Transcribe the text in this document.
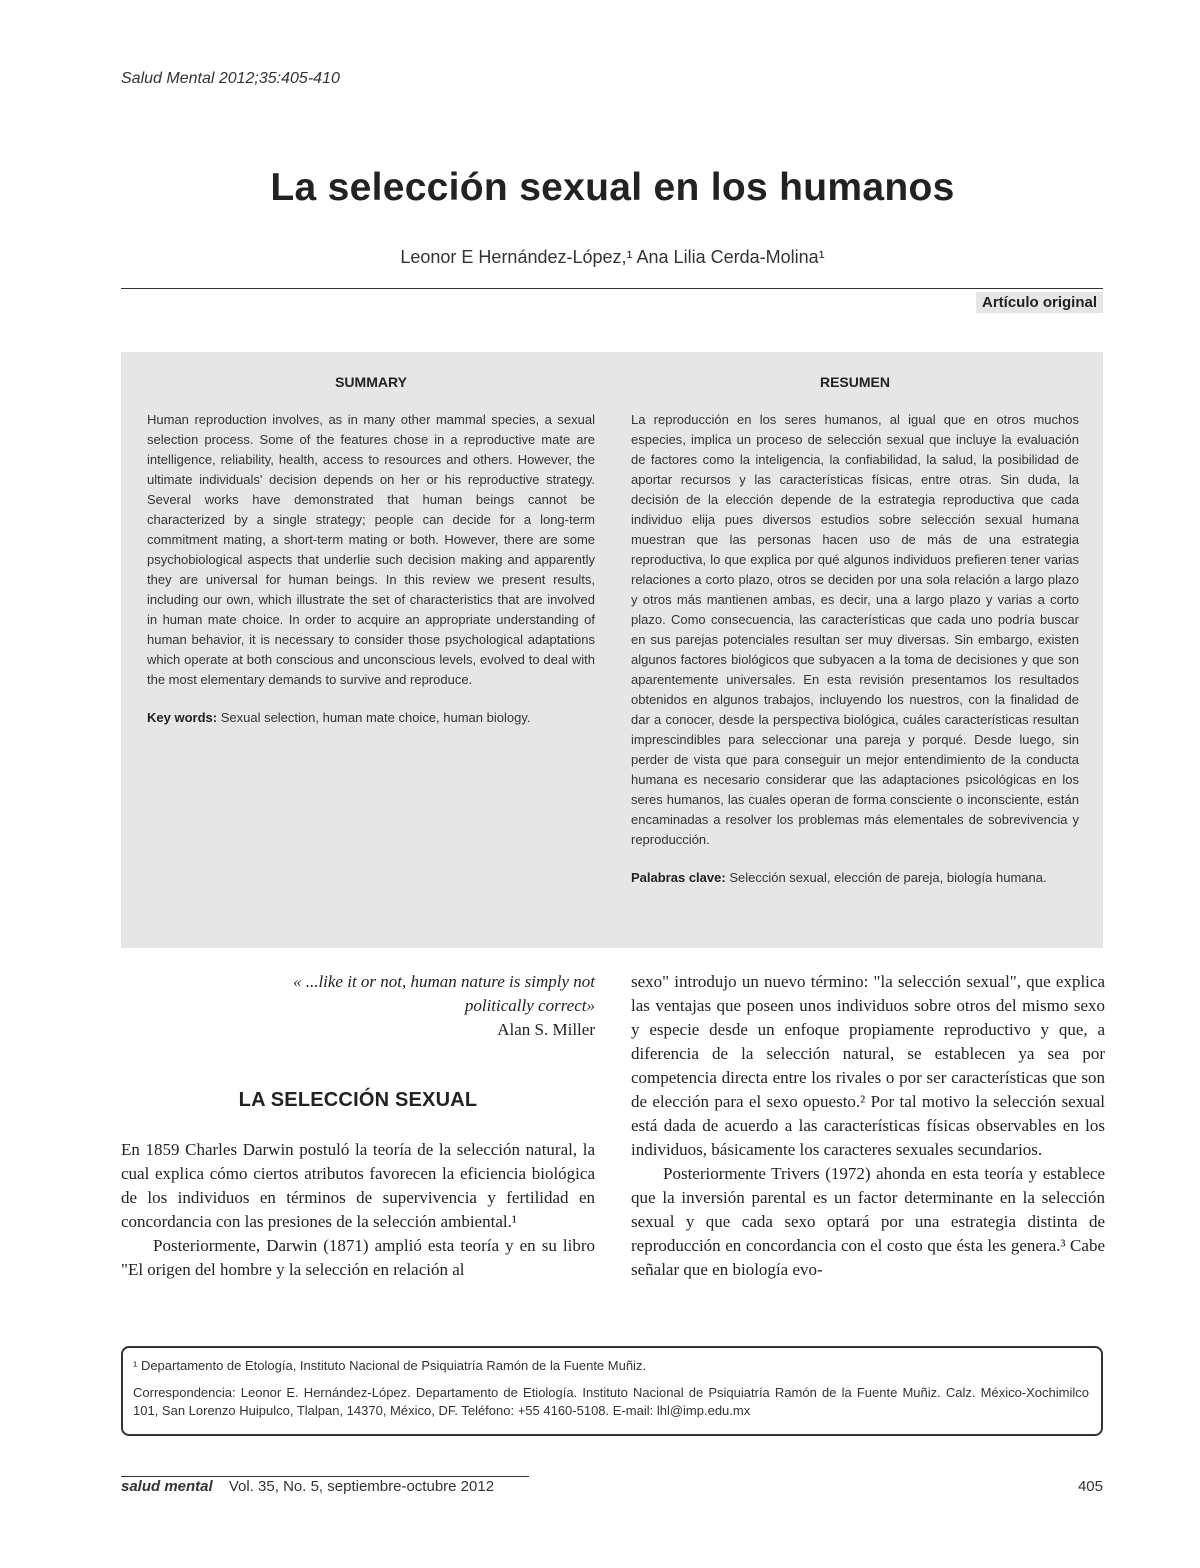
Salud Mental 2012;35:405-410
La selección sexual en los humanos
Leonor E Hernández-López,¹ Ana Lilia Cerda-Molina¹
Artículo original
SUMMARY

Human reproduction involves, as in many other mammal species, a sexual selection process. Some of the features chose in a reproductive mate are intelligence, reliability, health, access to resources and others. However, the ultimate individuals' decision depends on her or his reproductive strategy. Several works have demonstrated that human beings cannot be characterized by a single strategy; people can decide for a long-term commitment mating, a short-term mating or both. However, there are some psychobiological aspects that underlie such decision making and apparently they are universal for human beings. In this review we present results, including our own, which illustrate the set of characteristics that are involved in human mate choice. In order to acquire an appropriate understanding of human behavior, it is necessary to consider those psychological adaptations which operate at both conscious and unconscious levels, evolved to deal with the most elementary demands to survive and reproduce.

Key words: Sexual selection, human mate choice, human biology.

RESUMEN

La reproducción en los seres humanos, al igual que en otros muchos especies, implica un proceso de selección sexual que incluye la evaluación de factores como la inteligencia, la confiabilidad, la salud, la posibilidad de aportar recursos y las características físicas, entre otras. Sin duda, la decisión de la elección depende de la estrategia reproductiva que cada individuo elija pues diversos estudios sobre selección sexual humana muestran que las personas hacen uso de más de una estrategia reproductiva, lo que explica por qué algunos individuos prefieren tener varias relaciones a corto plazo, otros se deciden por una sola relación a largo plazo y otros más mantienen ambas, es decir, una a largo plazo y varias a corto plazo. Como consecuencia, las características que cada uno podría buscar en sus parejas potenciales resultan ser muy diversas. Sin embargo, existen algunos factores biológicos que subyacen a la toma de decisiones y que son aparentemente universales. En esta revisión presentamos los resultados obtenidos en algunos trabajos, incluyendo los nuestros, con la finalidad de dar a conocer, desde la perspectiva biológica, cuáles características resultan imprescindibles para seleccionar una pareja y porqué. Desde luego, sin perder de vista que para conseguir un mejor entendimiento de la conducta humana es necesario considerar que las adaptaciones psicológicas en los seres humanos, las cuales operan de forma consciente o inconsciente, están encaminadas a resolver los problemas más elementales de sobrevivencia y reproducción.

Palabras clave: Selección sexual, elección de pareja, biología humana.

« ...like it or not, human nature is simply not politically correct»
Alan S. Miller
LA SELECCIÓN SEXUAL

En 1859 Charles Darwin postuló la teoría de la selección natural, la cual explica cómo ciertos atributos favorecen la eficiencia biológica de los individuos en términos de supervivencia y fertilidad en concordancia con las presiones de la selección ambiental.¹

Posteriormente, Darwin (1871) amplió esta teoría y en su libro "El origen del hombre y la selección en relación al

sexo" introdujo un nuevo término: "la selección sexual", que explica las ventajas que poseen unos individuos sobre otros del mismo sexo y especie desde un enfoque propiamente reproductivo y que, a diferencia de la selección natural, se establecen ya sea por competencia directa entre los rivales o por ser características que son de elección para el sexo opuesto.² Por tal motivo la selección sexual está dada de acuerdo a las características físicas observables en los individuos, básicamente los caracteres sexuales secundarios.

Posteriormente Trivers (1972) ahonda en esta teoría y establece que la inversión parental es un factor determinante en la selección sexual y que cada sexo optará por una estrategia distinta de reproducción en concordancia con el costo que ésta les genera.³ Cabe señalar que en biología evo-

¹ Departamento de Etología, Instituto Nacional de Psiquiatría Ramón de la Fuente Muñiz.
Correspondencia: Leonor E. Hernández-López. Departamento de Etiología. Instituto Nacional de Psiquiatría Ramón de la Fuente Muñiz. Calz. México-Xochimilco 101, San Lorenzo Huipulco, Tlalpan, 14370, México, DF. Teléfono: +55 4160-5108. E-mail: lhl@imp.edu.mx
salud mental Vol. 35, No. 5, septiembre-octubre 2012	405
